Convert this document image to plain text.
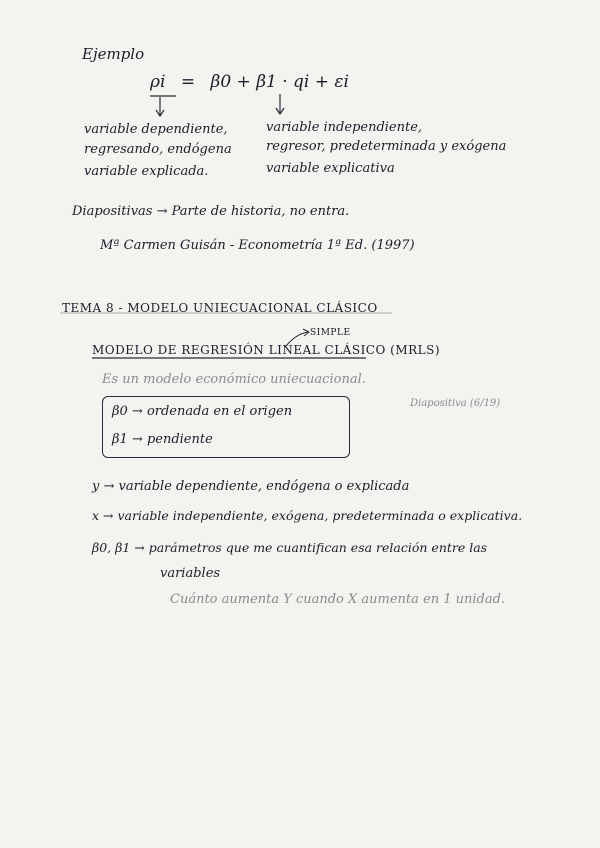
Ejemplo
ρi = β0 + β1 · qi + εi
variable dependiente,
regresando, endógena
variable explicada.
variable independiente,
regresor, predeterminada y exógena
variable explicativa
Diapositivas → Parte de historia, no entra.
Mª Carmen Guisán - Econometría 1ª Ed. (1997)
TEMA 8 - MODELO UNIECUACIONAL CLÁSICO
SIMPLE
MODELO DE REGRESIÓN LINEAL CLÁSICO (MRLS)
Es un modelo económico uniecuacional.
β0 → ordenada en el origen
β1 → pendiente
Diapositiva (6/19)
y → variable dependiente, endógena o explicada
x → variable independiente, exógena, predeterminada o explicativa.
β0, β1 → parámetros que me cuantifican esa relación entre las
variables
Cuánto aumenta Y cuando X aumenta en 1 unidad.
